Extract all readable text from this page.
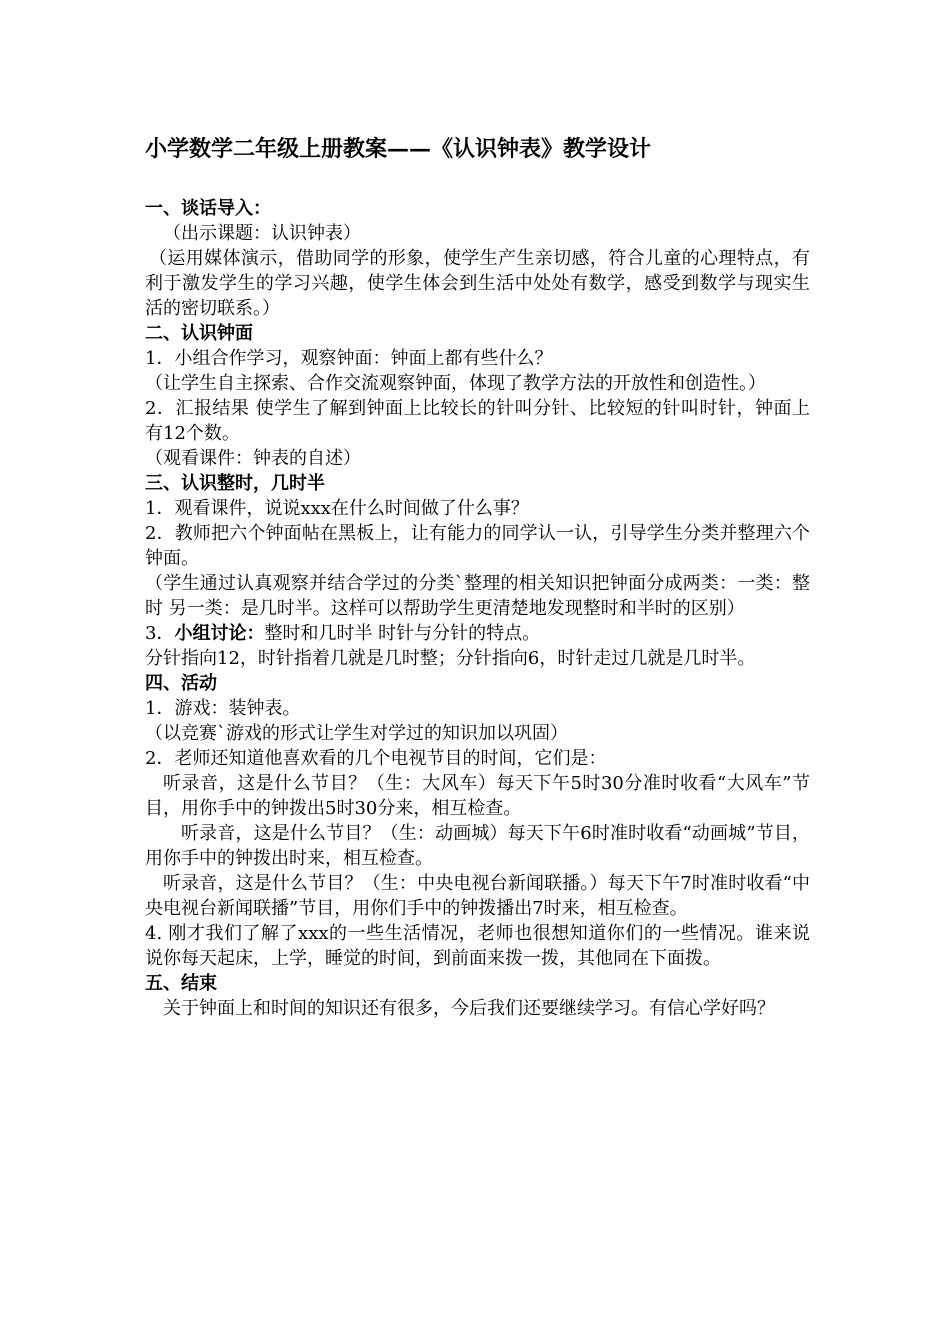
小学数学二年级上册教案——《认识钟表》教学设计
一、谈话导入：
（出示课题：认识钟表）
（运用媒体演示，借助同学的形象，使学生产生亲切感，符合儿童的心理特点，有利于激发学生的学习兴趣，使学生体会到生活中处处有数学，感受到数学与现实生活的密切联系。）
二、认识钟面
1．小组合作学习，观察钟面：钟面上都有些什么？
（让学生自主探索、合作交流观察钟面，体现了教学方法的开放性和创造性。）
2．汇报结果 使学生了解到钟面上比较长的针叫分针、比较短的针叫时针，钟面上有12个数。
（观看课件：钟表的自述）
三、认识整时，几时半
1．观看课件，说说xxx在什么时间做了什么事？
2．教师把六个钟面帖在黑板上，让有能力的同学认一认，引导学生分类并整理六个钟面。
（学生通过认真观察并结合学过的分类`整理的相关知识把钟面分成两类：一类：整时 另一类：是几时半。这样可以帮助学生更清楚地发现整时和半时的区别）
3．小组讨论：整时和几时半 时针与分针的特点。
分针指向12，时针指着几就是几时整；分针指向6，时针走过几就是几时半。
四、活动
1．游戏：装钟表。
（以竞赛`游戏的形式让学生对学过的知识加以巩固）
2．老师还知道他喜欢看的几个电视节目的时间，它们是：
听录音，这是什么节目？（生：大风车）每天下午5时30分准时收看“大风车”节目，用你手中的钟拨出5时30分来，相互检查。
听录音，这是什么节目？（生：动画城）每天下午6时准时收看“动画城”节目，用你手中的钟拨出时来，相互检查。
听录音，这是什么节目？（生：中央电视台新闻联播。）每天下午7时准时收看“中央电视台新闻联播”节目，用你们手中的钟拨播出7时来，相互检查。
4. 刚才我们了解了xxx的一些生活情况，老师也很想知道你们的一些情况。谁来说说你每天起床，上学，睡觉的时间，到前面来拨一拨，其他同在下面拨。
五、结束
关于钟面上和时间的知识还有很多，今后我们还要继续学习。有信心学好吗？
